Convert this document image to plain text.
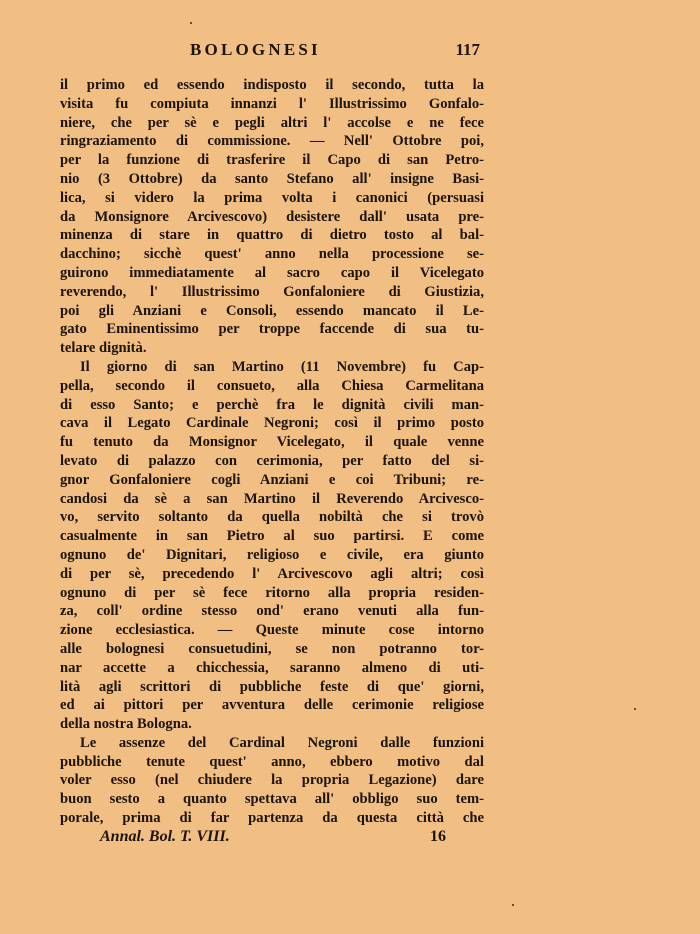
BOLOGNESI	117
il primo ed essendo indisposto il secondo, tutta la
visita fu compiuta innanzi l' Illustrissimo Gonfalo-
niere, che per sè e pegli altri l' accolse e ne fece
ringraziamento di commissione. — Nell' Ottobre poi,
per la funzione di trasferire il Capo di san Petro-
nio (3 Ottobre) da santo Stefano all' insigne Basi-
lica, si videro la prima volta i canonici (persuasi
da Monsignore Arcivescovo) desistere dall' usata pre-
minenza di stare in quattro di dietro tosto al bal-
dacchino; sicchè quest' anno nella processione se-
guirono immediatamente al sacro capo il Vicelegato
reverendo, l' Illustrissimo Gonfaloniere di Giustizia,
poi gli Anziani e Consoli, essendo mancato il Le-
gato Eminentissimo per troppe faccende di sua tu-
telare dignità.
Il giorno di san Martino (11 Novembre) fu Cap-
pella, secondo il consueto, alla Chiesa Carmelitana
di esso Santo; e perchè fra le dignità civili man-
cava il Legato Cardinale Negroni; così il primo posto
fu tenuto da Monsignor Vicelegato, il quale venne
levato di palazzo con cerimonia, per fatto del si-
gnor Gonfaloniere cogli Anziani e coi Tribuni; re-
candosi da sè a san Martino il Reverendo Arcivesco-
vo, servito soltanto da quella nobiltà che si trovò
casualmente in san Pietro al suo partirsi. E come
ognuno de' Dignitari, religioso e civile, era giunto
di per sè, precedendo l' Arcivescovo agli altri; così
ognuno di per sè fece ritorno alla propria residen-
za, coll' ordine stesso ond' erano venuti alla fun-
zione ecclesiastica. — Queste minute cose intorno
alle bolognesi consuetudini, se non potranno tor-
nar accette a chicchessia, saranno almeno di uti-
lità agli scrittori di pubbliche feste di que' giorni,
ed ai pittori per avventura delle cerimonie religiose
della nostra Bologna.
Le assenze del Cardinal Negroni dalle funzioni
pubbliche tenute quest' anno, ebbero motivo dal
voler esso (nel chiudere la propria Legazione) dare
buon sesto a quanto spettava all' obbligo suo tem-
porale, prima di far partenza da questa città che
Annal. Bol. T. VIII.	16
